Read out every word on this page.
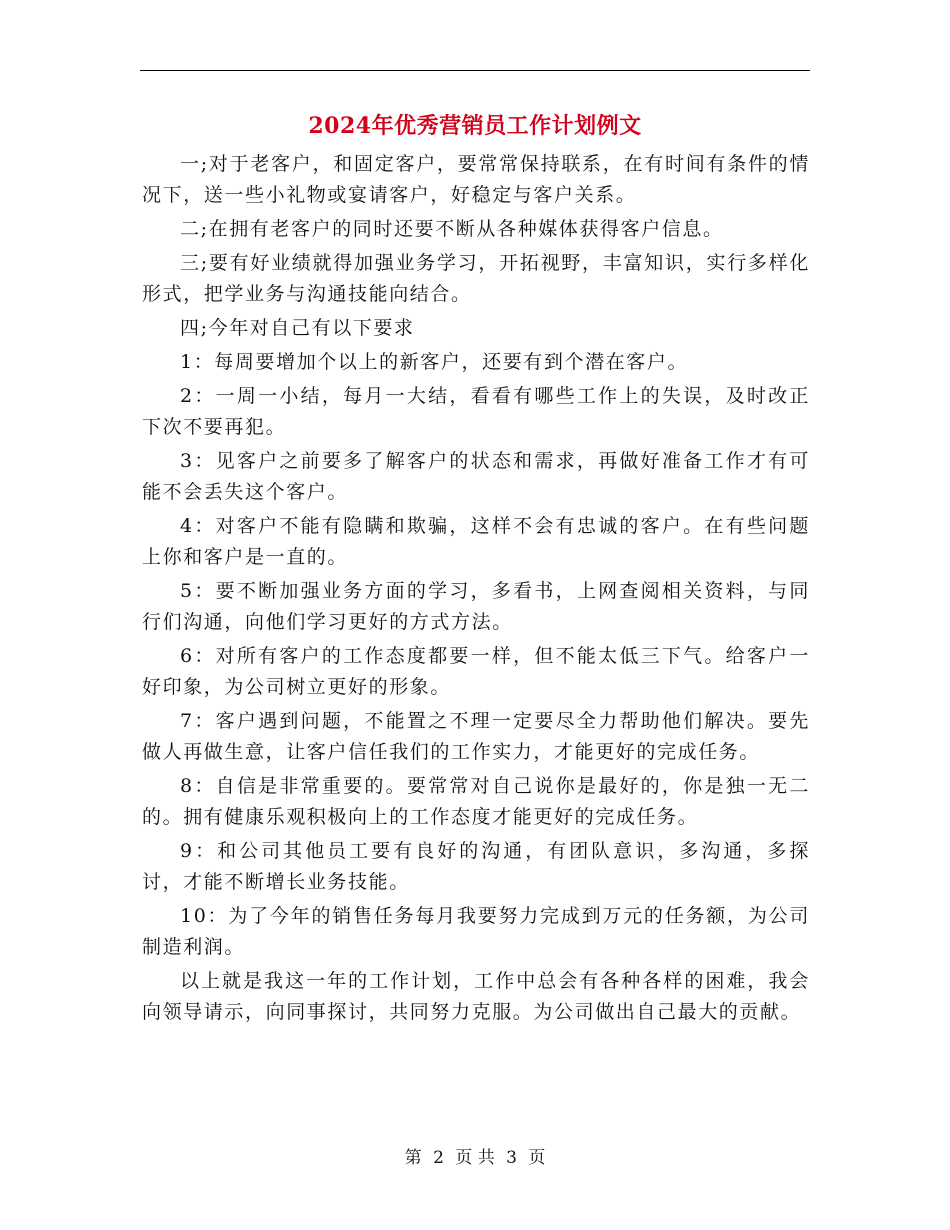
2024年优秀营销员工作计划例文

一;对于老客户，和固定客户，要常常保持联系，在有时间有条件的情况下，送一些小礼物或宴请客户，好稳定与客户关系。

二;在拥有老客户的同时还要不断从各种媒体获得客户信息。

三;要有好业绩就得加强业务学习，开拓视野，丰富知识，实行多样化形式，把学业务与沟通技能向结合。

四;今年对自己有以下要求

1：每周要增加个以上的新客户，还要有到个潜在客户。

2：一周一小结，每月一大结，看看有哪些工作上的失误，及时改正下次不要再犯。

3：见客户之前要多了解客户的状态和需求，再做好准备工作才有可能不会丢失这个客户。

4：对客户不能有隐瞒和欺骗，这样不会有忠诚的客户。在有些问题上你和客户是一直的。

5：要不断加强业务方面的学习，多看书，上网查阅相关资料，与同行们沟通，向他们学习更好的方式方法。

6：对所有客户的工作态度都要一样，但不能太低三下气。给客户一好印象，为公司树立更好的形象。

7：客户遇到问题，不能置之不理一定要尽全力帮助他们解决。要先做人再做生意，让客户信任我们的工作实力，才能更好的完成任务。

8：自信是非常重要的。要常常对自己说你是最好的，你是独一无二的。拥有健康乐观积极向上的工作态度才能更好的完成任务。

9：和公司其他员工要有良好的沟通，有团队意识，多沟通，多探讨，才能不断增长业务技能。

10：为了今年的销售任务每月我要努力完成到万元的任务额，为公司制造利润。

以上就是我这一年的工作计划，工作中总会有各种各样的困难，我会向领导请示，向同事探讨，共同努力克服。为公司做出自己最大的贡献。

第 2 页 共 3 页
